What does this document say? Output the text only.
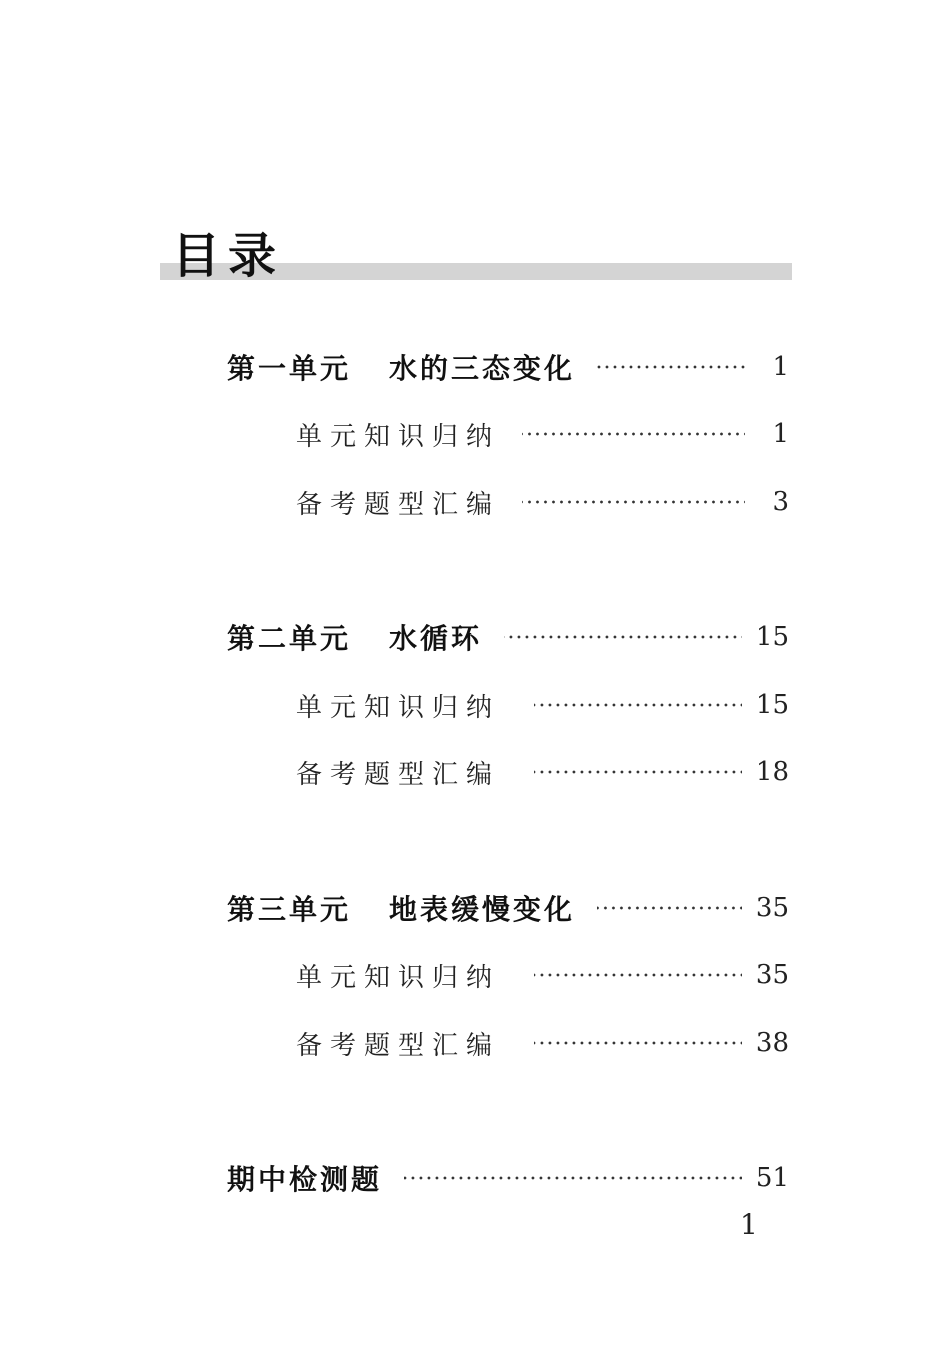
目录
第一单元 水的三态变化	1
单元知识归纳	1
备考题型汇编	3
第二单元 水循环	15
单元知识归纳	15
备考题型汇编	18
第三单元 地表缓慢变化	35
单元知识归纳	35
备考题型汇编	38
期中检测题	51
1
